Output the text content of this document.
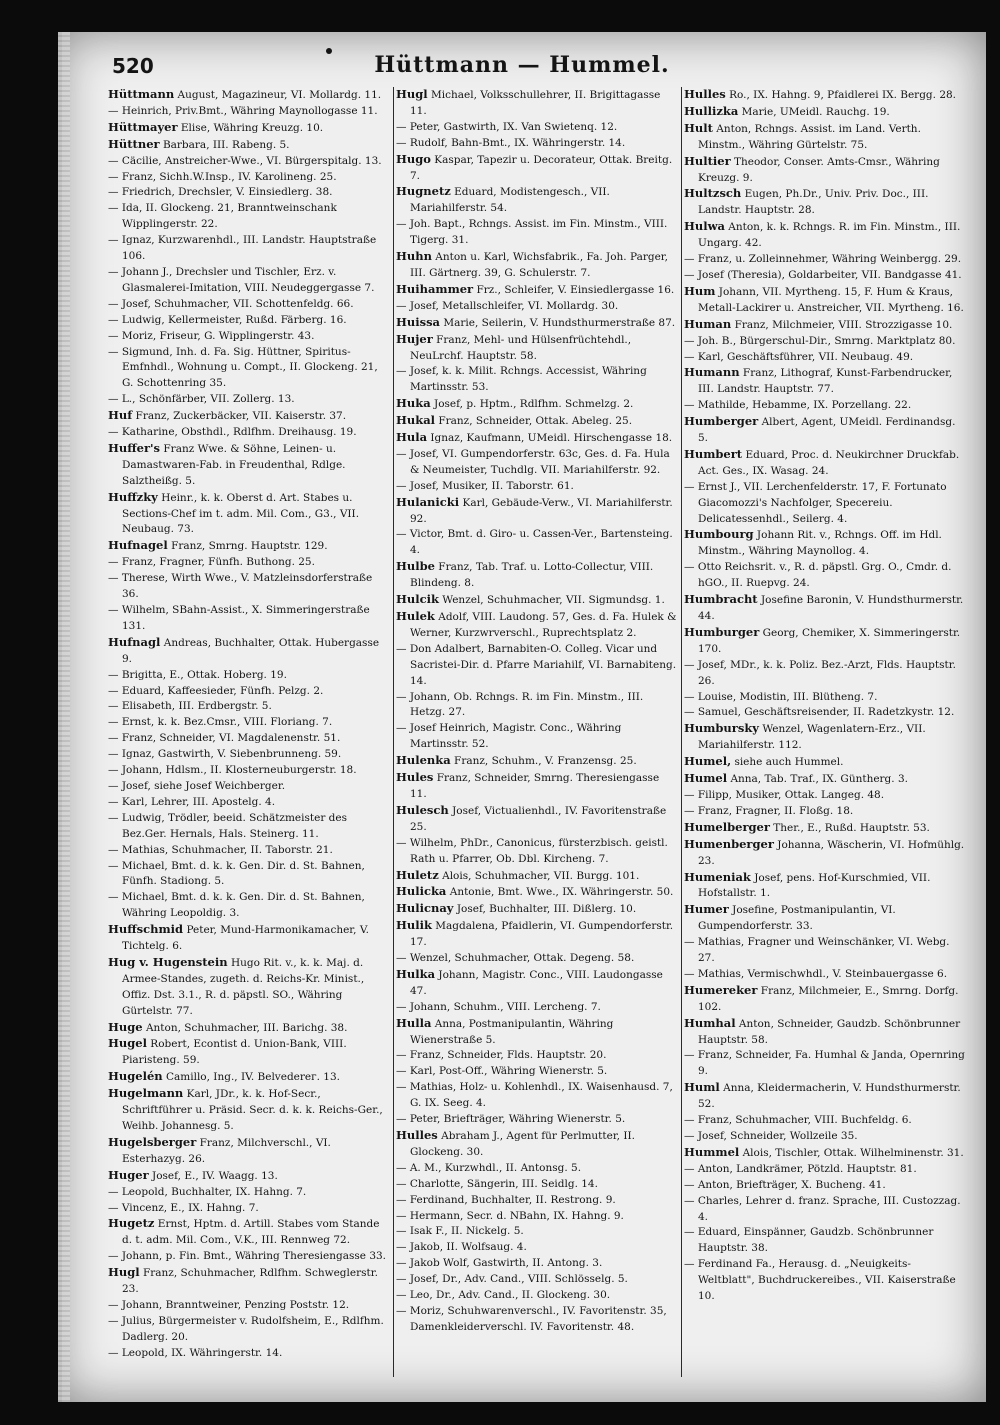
520	Hüttmann — Hummel.

Hüttmann August, Magazineur, VI. Mollardg. 11.

— Heinrich, Priv.Bmt., Währing Maynollogasse 11.

Hüttmayer Elise, Währing Kreuzg. 10.

Hüttner Barbara, III. Rabeng. 5.

— Cäcilie, Anstreicher-Wwe., VI. Bürgerspitalg. 13.

— Franz, Sichh.W.Insp., IV. Karolineng. 25.

— Friedrich, Drechsler, V. Einsiedlerg. 38.

— Ida, II. Glockeng. 21, Branntweinschank Wipplingerstr. 22.

— Ignaz, Kurzwarenhdl., III. Landstr. Hauptstraße 106.

— Johann J., Drechsler und Tischler, Erz. v. Glasmalerei-Imitation, VIII. Neudeggergasse 7.

— Josef, Schuhmacher, VII. Schottenfeldg. 66.

— Ludwig, Kellermeister, Rußd. Färberg. 16.

— Moriz, Friseur, G. Wipplingerstr. 43.

— Sigmund, Inh. d. Fa. Sig. Hüttner, Spiritus-Emfnhdl., Wohnung u. Compt., II. Glockeng. 21, G. Schottenring 35.

— L., Schönfärber, VII. Zollerg. 13.

Huf Franz, Zuckerbäcker, VII. Kaiserstr. 37.

— Katharine, Obsthdl., Rdlfhm. Dreihausg. 19.

Huffer's Franz Wwe. & Söhne, Leinen- u. Damastwaren-Fab. in Freudenthal, Rdlge. Salztheißg. 5.

Huffzky Heinr., k. k. Oberst d. Art. Stabes u. Sections-Chef im t. adm. Mil. Com., G3., VII. Neubaug. 73.

Hufnagel Franz, Smrng. Hauptstr. 129.

— Franz, Fragner, Fünfh. Buthong. 25.

— Therese, Wirth Wwe., V. Matzleinsdorferstraße 36.

— Wilhelm, SBahn-Assist., X. Simmeringerstraße 131.

Hufnagl Andreas, Buchhalter, Ottak. Hubergasse 9.

— Brigitta, E., Ottak. Hoberg. 19.

— Eduard, Kaffeesieder, Fünfh. Pelzg. 2.

— Elisabeth, III. Erdbergstr. 5.

— Ernst, k. k. Bez.Cmsr., VIII. Floriang. 7.

— Franz, Schneider, VI. Magdalenenstr. 51.

— Ignaz, Gastwirth, V. Siebenbrunneng. 59.

— Johann, Hdlsm., II. Klosterneuburgerstr. 18.

— Josef, siehe Josef Weichberger.

— Karl, Lehrer, III. Apostelg. 4.

— Ludwig, Trödler, beeid. Schätzmeister des Bez.Ger. Hernals, Hals. Steinerg. 11.

— Mathias, Schuhmacher, II. Taborstr. 21.

— Michael, Bmt. d. k. k. Gen. Dir. d. St. Bahnen, Fünfh. Stadiong. 5.

— Michael, Bmt. d. k. k. Gen. Dir. d. St. Bahnen, Währing Leopoldig. 3.

Huffschmid Peter, Mund-Harmonikamacher, V. Tichtelg. 6.

Hug v. Hugenstein Hugo Rit. v., k. k. Maj. d. Armee-Standes, zugeth. d. Reichs-Kr. Minist., Offiz. Dst. 3.1., R. d. päpstl. SO., Währing Gürtelstr. 77.

Huge Anton, Schuhmacher, III. Barichg. 38.

Hugel Robert, Econtist d. Union-Bank, VIII. Piaristeng. 59.

Hugelén Camillo, Ing., IV. Belvederег. 13.

Hugelmann Karl, JDr., k. k. Hof-Secr., Schriftführer u. Präsid. Secr. d. k. k. Reichs-Ger., Weihb. Johannesg. 5.

Hugelsberger Franz, Milchverschl., VI. Esterhazyg. 26.

Huger Josef, E., IV. Waagg. 13.

— Leopold, Buchhalter, IX. Hahng. 7.

— Vincenz, E., IX. Hahng. 7.

Hugetz Ernst, Hptm. d. Artill. Stabes vom Stande d. t. adm. Mil. Com., V.K., III. Rennweg 72.

— Johann, p. Fin. Bmt., Währing Theresiengasse 33.

Hugl Franz, Schuhmacher, Rdlfhm. Schweglerstr. 23.

— Johann, Branntweiner, Penzing Poststr. 12.

— Julius, Bürgermeister v. Rudolfsheim, E., Rdlfhm. Dadlerg. 20.

— Leopold, IX. Währingerstr. 14.

Hugl Michael, Volksschullehrer, II. Brigittagasse 11.

— Peter, Gastwirth, IX. Van Swietenq. 12.

— Rudolf, Bahn-Bmt., IX. Währingerstr. 14.

Hugo Kaspar, Tapezir u. Decorateur, Ottak. Breitg. 7.

Hugnetz Eduard, Modistengesch., VII. Mariahilferstr. 54.

— Joh. Bapt., Rchngs. Assist. im Fin. Minstm., VIII. Tigerg. 31.

Huhn Anton u. Karl, Wichsfabrik., Fa. Joh. Parger, III. Gärtnerg. 39, G. Schulerstr. 7.

Huihammer Frz., Schleifer, V. Einsiedlergasse 16.

— Josef, Metallschleifer, VI. Mollardg. 30.

Huissa Marie, Seilerin, V. Hundsthurmerstraße 87.

Hujer Franz, Mehl- und Hülsenfrüchtehdl., NeuLrchf. Hauptstr. 58.

— Josef, k. k. Milit. Rchngs. Accessist, Währing Martinsstr. 53.

Huka Josef, p. Hptm., Rdlfhm. Schmelzg. 2.

Hukal Franz, Schneider, Ottak. Abeleg. 25.

Hula Ignaz, Kaufmann, UMeidl. Hirschengasse 18.

— Josef, VI. Gumpendorferstr. 63c, Ges. d. Fa. Hula & Neumeister, Tuchdlg. VII. Mariahilferstr. 92.

— Josef, Musiker, II. Taborstr. 61.

Hulanicki Karl, Gebäude-Verw., VI. Mariahilferstr. 92.

— Victor, Bmt. d. Giro- u. Cassen-Ver., Bartensteing. 4.

Hulbe Franz, Tab. Traf. u. Lotto-Collectur, VIII. Blindeng. 8.

Hulcik Wenzel, Schuhmacher, VII. Sigmundsg. 1.

Hulek Adolf, VIII. Laudong. 57, Ges. d. Fa. Hulek & Werner, Kurzwrverschl., Ruprechtsplatz 2.

— Don Adalbert, Barnabiten-O. Colleg. Vicar und Sacristei-Dir. d. Pfarre Mariahilf, VI. Barnabiteng. 14.

— Johann, Ob. Rchngs. R. im Fin. Minstm., III. Hetzg. 27.

— Josef Heinrich, Magistr. Conc., Währing Martinsstr. 52.

Hulenka Franz, Schuhm., V. Franzensg. 25.

Hules Franz, Schneider, Smrng. Theresiengasse 11.

Hulesch Josef, Victualienhdl., IV. Favoritenstraße 25.

— Wilhelm, PhDr., Canonicus, fürsterzbisch. geistl. Rath u. Pfarrer, Ob. Dbl. Kircheng. 7.

Huletz Alois, Schuhmacher, VII. Burgg. 101.

Hulicka Antonie, Bmt. Wwe., IX. Währingerstr. 50.

Hulicnay Josef, Buchhalter, III. Dißlerg. 10.

Hulik Magdalena, Pfaidlerin, VI. Gumpendorferstr. 17.

— Wenzel, Schuhmacher, Ottak. Degeng. 58.

Hulka Johann, Magistr. Conc., VIII. Laudongasse 47.

— Johann, Schuhm., VIII. Lercheng. 7.

Hulla Anna, Postmanipulantin, Währing Wienerstraße 5.

— Franz, Schneider, Flds. Hauptstr. 20.

— Karl, Post-Off., Währing Wienerstr. 5.

— Mathias, Holz- u. Kohlenhdl., IX. Waisenhausd. 7, G. IX. Seeg. 4.

— Peter, Briefträger, Währing Wienerstr. 5.

Hulles Abraham J., Agent für Perlmutter, II. Glockeng. 30.

— A. M., Kurzwhdl., II. Antonsg. 5.

— Charlotte, Sängerin, III. Seidlg. 14.

— Ferdinand, Buchhalter, II. Restrong. 9.

— Hermann, Secr. d. NBahn, IX. Hahng. 9.

— Isak F., II. Nickelg. 5.

— Jakob, II. Wolfsaug. 4.

— Jakob Wolf, Gastwirth, II. Antong. 3.

— Josef, Dr., Adv. Cand., VIII. Schlösselg. 5.

— Leo, Dr., Adv. Cand., II. Glockeng. 30.

— Moriz, Schuhwarenverschl., IV. Favoritenstr. 35, Damenkleiderverschl. IV. Favoritenstr. 48.

Hulles Ro., IX. Hahng. 9, Pfaidlerei IX. Bergg. 28.

Hullizka Marie, UMeidl. Rauchg. 19.

Hult Anton, Rchngs. Assist. im Land. Verth. Minstm., Währing Gürtelstr. 75.

Hultier Theodor, Conser. Amts-Cmsr., Währing Kreuzg. 9.

Hultzsch Eugen, Ph.Dr., Univ. Priv. Doc., III. Landstr. Hauptstr. 28.

Hulwa Anton, k. k. Rchngs. R. im Fin. Minstm., III. Ungarg. 42.

— Franz, u. Zolleinnehmer, Währing Weinbergg. 29.

— Josef (Theresia), Goldarbeiter, VII. Bandgasse 41.

Hum Johann, VII. Myrtheng. 15, F. Hum & Kraus, Metall-Lackirer u. Anstreicher, VII. Myrtheng. 16.

Human Franz, Milchmeier, VIII. Strozzigasse 10.

— Joh. B., Bürgerschul-Dir., Smrng. Marktplatz 80.

— Karl, Geschäftsführer, VII. Neubaug. 49.

Humann Franz, Lithograf, Kunst-Farbendrucker, III. Landstr. Hauptstr. 77.

— Mathilde, Hebamme, IX. Porzellang. 22.

Humberger Albert, Agent, UMeidl. Ferdinandsg. 5.

Humbert Eduard, Proc. d. Neukirchner Druckfab. Act. Ges., IX. Wasag. 24.

— Ernst J., VII. Lerchenfelderstr. 17, F. Fortunato Giacomozzi's Nachfolger, Specereiu. Delicatessenhdl., Seilerg. 4.

Humbourg Johann Rit. v., Rchngs. Off. im Hdl. Minstm., Währing Maynollog. 4.

— Otto Reichsrit. v., R. d. päpstl. Grg. O., Cmdr. d. hGO., II. Ruepvg. 24.

Humbracht Josefine Baronin, V. Hundsthurmerstr. 44.

Humburger Georg, Chemiker, X. Simmeringerstr. 170.

— Josef, MDr., k. k. Poliz. Bez.-Arzt, Flds. Hauptstr. 26.

— Louise, Modistin, III. Blütheng. 7.

— Samuel, Geschäftsreisender, II. Radetzkystr. 12.

Humbursky Wenzel, Wagenlatern-Erz., VII. Mariahilferstr. 112.

Humel, siehe auch Hummel.

Humel Anna, Tab. Traf., IX. Güntherg. 3.

— Filipp, Musiker, Ottak. Langeg. 48.

— Franz, Fragner, II. Floßg. 18.

Humelberger Ther., E., Rußd. Hauptstr. 53.

Humenberger Johanna, Wäscherin, VI. Hofmühlg. 23.

Humeniak Josef, pens. Hof-Kurschmied, VII. Hofstallstr. 1.

Humer Josefine, Postmanipulantin, VI. Gumpendorferstr. 33.

— Mathias, Fragner und Weinschänker, VI. Webg. 27.

— Mathias, Vermischwhdl., V. Steinbauergasse 6.

Humereker Franz, Milchmeier, E., Smrng. Dorfg. 102.

Humhal Anton, Schneider, Gaudzb. Schönbrunner Hauptstr. 58.

— Franz, Schneider, Fa. Humhal & Janda, Opernring 9.

Huml Anna, Kleidermacherin, V. Hundsthurmerstr. 52.

— Franz, Schuhmacher, VIII. Buchfeldg. 6.

— Josef, Schneider, Wollzeile 35.

Hummel Alois, Tischler, Ottak. Wilhelminenstr. 31.

— Anton, Landkrämer, Pötzld. Hauptstr. 81.

— Anton, Briefträger, X. Bucheng. 41.

— Charles, Lehrer d. franz. Sprache, III. Custozzag. 4.

— Eduard, Einspänner, Gaudzb. Schönbrunner Hauptstr. 38.

— Ferdinand Fa., Herausg. d. „Neuigkeits-Weltblatt", Buchdruckereibes., VII. Kaiserstraße 10.
